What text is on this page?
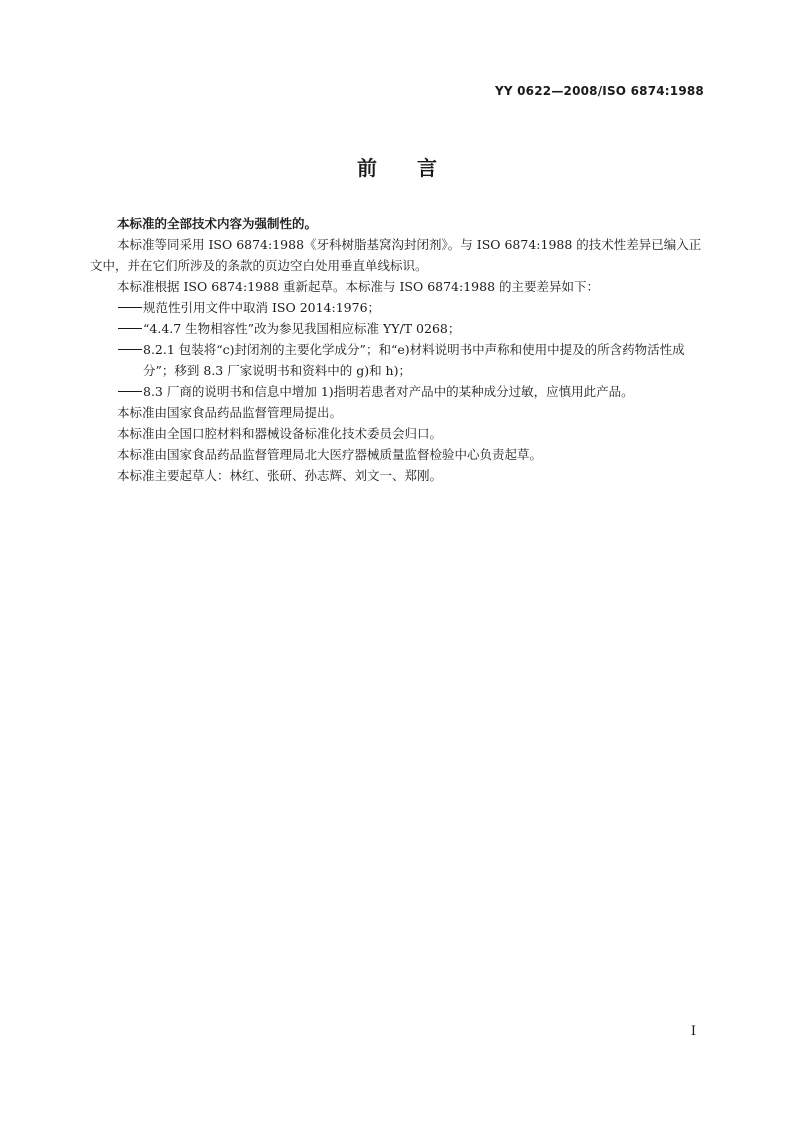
YY 0622—2008/ISO 6874:1988
前言

本标准的全部技术内容为强制性的。

本标准等同采用 ISO 6874:1988《牙科树脂基窝沟封闭剂》。与 ISO 6874:1988 的技术性差异已编入正文中，并在它们所涉及的条款的页边空白处用垂直单线标识。

本标准根据 ISO 6874:1988 重新起草。本标准与 ISO 6874:1988 的主要差异如下：

规范性引用文件中取消 ISO 2014:1976；
“4.4.7 生物相容性”改为参见我国相应标准 YY/T 0268；
8.2.1 包装将“c)封闭剂的主要化学成分”；和“e)材料说明书中声称和使用中提及的所含药物活性成分”；移到 8.3 厂家说明书和资料中的 g)和 h)；
8.3 厂商的说明书和信息中增加 1)指明若患者对产品中的某种成分过敏，应慎用此产品。

本标准由国家食品药品监督管理局提出。

本标准由全国口腔材料和器械设备标准化技术委员会归口。

本标准由国家食品药品监督管理局北大医疗器械质量监督检验中心负责起草。

本标准主要起草人：林红、张研、孙志辉、刘文一、郑刚。

I
